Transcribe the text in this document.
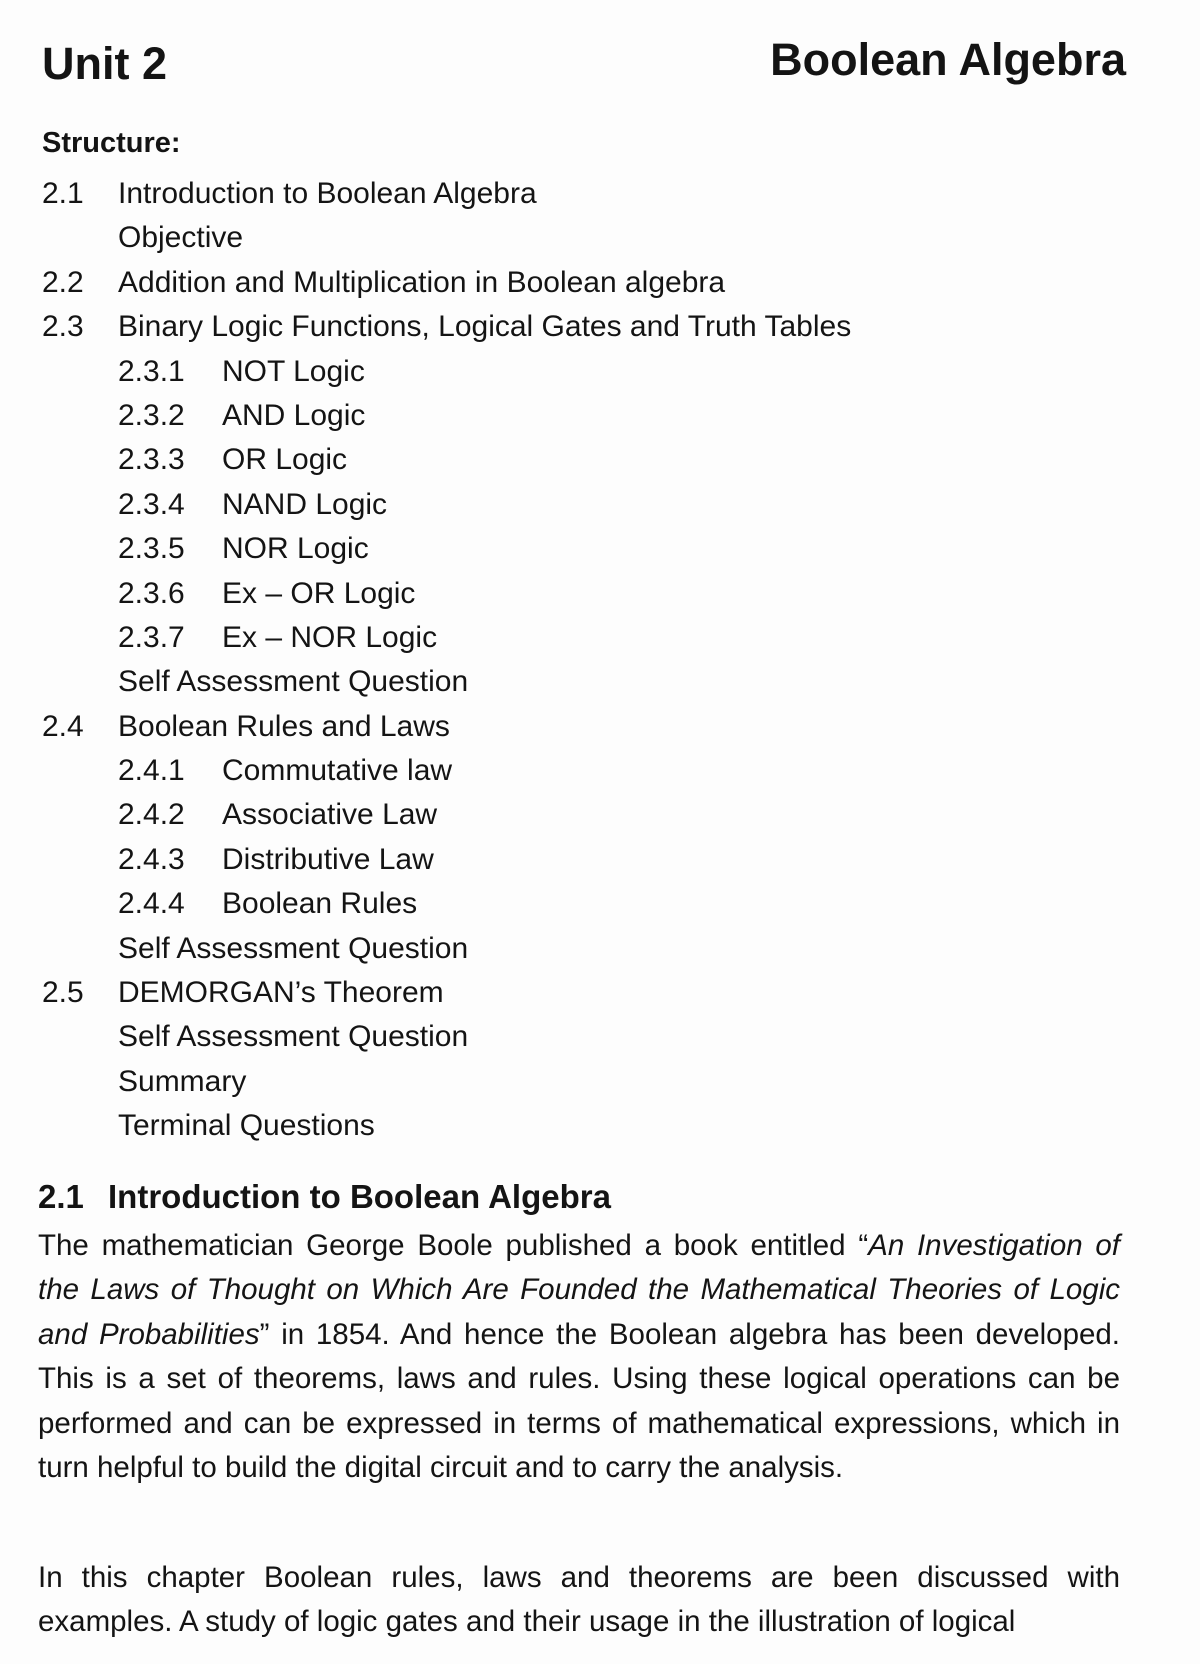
Unit 2	Boolean Algebra
Structure:
2.1 Introduction to Boolean Algebra
Objective
2.2 Addition and Multiplication in Boolean algebra
2.3 Binary Logic Functions, Logical Gates and Truth Tables
2.3.1 NOT Logic
2.3.2 AND Logic
2.3.3 OR Logic
2.3.4 NAND Logic
2.3.5 NOR Logic
2.3.6 Ex – OR Logic
2.3.7 Ex – NOR Logic
Self Assessment Question
2.4 Boolean Rules and Laws
2.4.1 Commutative law
2.4.2 Associative Law
2.4.3 Distributive Law
2.4.4 Boolean Rules
Self Assessment Question
2.5 DEMORGAN’s Theorem
Self Assessment Question
Summary
Terminal Questions
2.1 Introduction to Boolean Algebra

The mathematician George Boole published a book entitled “An Investigation of the Laws of Thought on Which Are Founded the Mathematical Theories of Logic and Probabilities” in 1854. And hence the Boolean algebra has been developed. This is a set of theorems, laws and rules. Using these logical operations can be performed and can be expressed in terms of mathematical expressions, which in turn helpful to build the digital circuit and to carry the analysis.

In this chapter Boolean rules, laws and theorems are been discussed with examples. A study of logic gates and their usage in the illustration of logical
